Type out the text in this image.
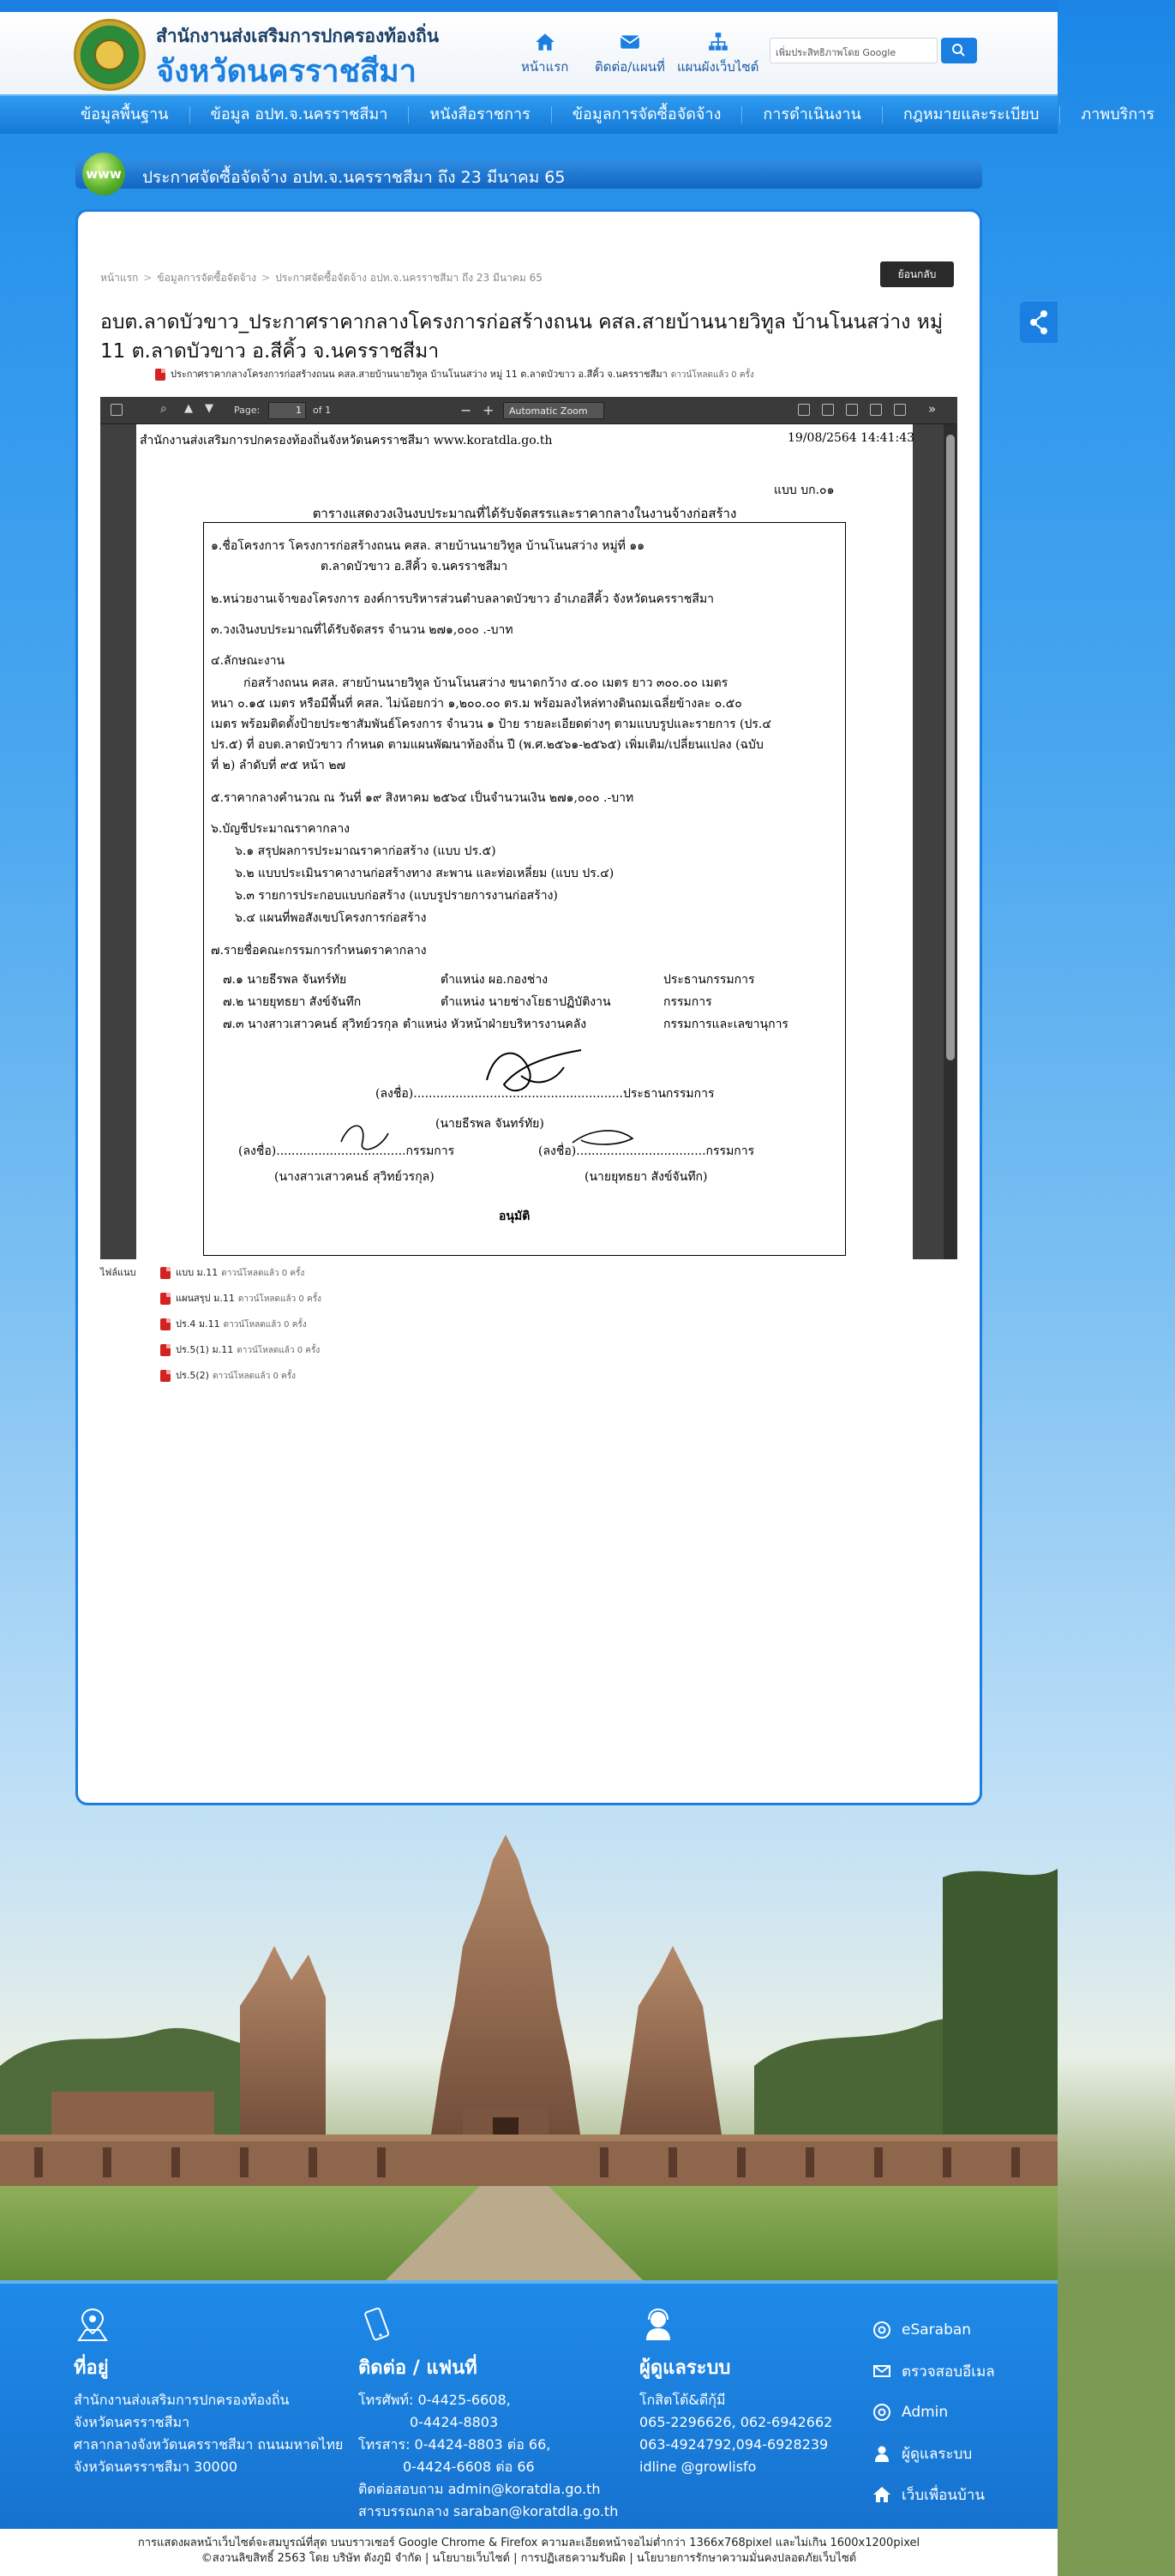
สำนักงานส่งเสริมการปกครองท้องถิ่น
จังหวัดนครราชสีมา	หน้าแรก ติดต่อ/แผนที่ แผนผังเว็บไซต์
เพิ่มประสิทธิภาพโดย Google
ข้อมูลพื้นฐาน	ข้อมูล อปท.จ.นครราชสีมา	หนังสือราชการ	ข้อมูลการจัดซื้อจัดจ้าง	การดำเนินงาน	กฎหมายและระเบียบ	ภาพบริการ
www ประกาศจัดซื้อจัดจ้าง อปท.จ.นครราชสีมา ถึง 23 มีนาคม 65
หน้าแรก > ข้อมูลการจัดซื้อจัดจ้าง > ประกาศจัดซื้อจัดจ้าง อปท.จ.นครราชสีมา ถึง 23 มีนาคม 65	ย้อนกลับ
อบต.ลาดบัวขาว_ประกาศราคากลางโครงการก่อสร้างถนน คสล.สายบ้านนายวิทูล บ้านโนนสว่าง หมู่ 11 ต.ลาดบัวขาว อ.สีคิ้ว จ.นครราชสีมา
ประกาศราคากลางโครงการก่อสร้างถนน คสล.สายบ้านนายวิทูล บ้านโนนสว่าง หมู่ 11 ต.ลาดบัวขาว อ.สีคิ้ว จ.นครราชสีมา ดาวน์โหลดแล้ว 0 ครั้ง
⌕ ▲ ▼ Page:	1	of 1	− +	Automatic Zoom	»
สำนักงานส่งเสริมการปกครองท้องถิ่นจังหวัดนครราชสีมา www.koratdla.go.th	19/08/2564 14:41:43
แบบ บก.๐๑
ตารางแสดงวงเงินงบประมาณที่ได้รับจัดสรรและราคากลางในงานจ้างก่อสร้าง
๑.ชื่อโครงการ โครงการก่อสร้างถนน คสล. สายบ้านนายวิทูล บ้านโนนสว่าง หมู่ที่ ๑๑
ต.ลาดบัวขาว อ.สีคิ้ว จ.นครราชสีมา
๒.หน่วยงานเจ้าของโครงการ องค์การบริหารส่วนตำบลลาดบัวขาว อำเภอสีคิ้ว จังหวัดนครราชสีมา
๓.วงเงินงบประมาณที่ได้รับจัดสรร จำนวน ๒๗๑,๐๐๐ .-บาท
๔.ลักษณะงาน
ก่อสร้างถนน คสล. สายบ้านนายวิทูล บ้านโนนสว่าง ขนาดกว้าง ๔.๐๐ เมตร ยาว ๓๐๐.๐๐ เมตร
หนา ๐.๑๕ เมตร หรือมีพื้นที่ คสล. ไม่น้อยกว่า ๑,๒๐๐.๐๐ ตร.ม พร้อมลงไหล่ทางดินถมเฉลี่ยข้างละ ๐.๕๐
เมตร พร้อมติดตั้งป้ายประชาสัมพันธ์โครงการ จำนวน ๑ ป้าย รายละเอียดต่างๆ ตามแบบรูปและรายการ (ปร.๔
ปร.๕) ที่ อบต.ลาดบัวขาว กำหนด ตามแผนพัฒนาท้องถิ่น ปี (พ.ศ.๒๕๖๑-๒๕๖๕) เพิ่มเติม/เปลี่ยนแปลง (ฉบับ
ที่ ๒) ลำดับที่ ๙๕ หน้า ๒๗
๕.ราคากลางคำนวณ ณ วันที่ ๑๙ สิงหาคม ๒๕๖๔ เป็นจำนวนเงิน ๒๗๑,๐๐๐ .-บาท
๖.บัญชีประมาณราคากลาง
๖.๑ สรุปผลการประมาณราคาก่อสร้าง (แบบ ปร.๕)
๖.๒ แบบประเมินราคางานก่อสร้างทาง สะพาน และท่อเหลี่ยม (แบบ ปร.๔)
๖.๓ รายการประกอบแบบก่อสร้าง (แบบรูปรายการงานก่อสร้าง)
๖.๔ แผนที่พอสังเขปโครงการก่อสร้าง
๗.รายชื่อคณะกรรมการกำหนดราคากลาง
๗.๑ นายธีรพล จันทร์ทัย	ตำแหน่ง ผอ.กองช่าง	ประธานกรรมการ
๗.๒ นายยุทธยา สังข์จันทึก	ตำแหน่ง นายช่างโยธาปฏิบัติงาน	กรรมการ
๗.๓ นางสาวเสาวคนธ์ สุวิทย์วรกุล ตำแหน่ง หัวหน้าฝ่ายบริหารงานคลัง	กรรมการและเลขานุการ
(ลงชื่อ).......................................................ประธานกรรมการ
(นายธีรพล จันทร์ทัย)
(ลงชื่อ)..................................กรรมการ	(ลงชื่อ)..................................กรรมการ
(นางสาวเสาวคนธ์ สุวิทย์วรกุล)	(นายยุทธยา สังข์จันทึก)
อนุมัติ
ไฟล์แนบ	แบบ ม.11 ดาวน์โหลดแล้ว 0 ครั้ง
แผนสรุป ม.11 ดาวน์โหลดแล้ว 0 ครั้ง
ปร.4 ม.11 ดาวน์โหลดแล้ว 0 ครั้ง
ปร.5(1) ม.11 ดาวน์โหลดแล้ว 0 ครั้ง
ปร.5(2) ดาวน์โหลดแล้ว 0 ครั้ง
ที่อยู่

สำนักงานส่งเสริมการปกครองท้องถิ่น

จังหวัดนครราชสีมา

ศาลากลางจังหวัดนครราชสีมา ถนนมหาดไทย

จังหวัดนครราชสีมา 30000

ติดต่อ / แฟนที่

โทรศัพท์: 0-4425-6608,

0-4424-8803

โทรสาร: 0-4424-8803 ต่อ 66,

0-4424-6608 ต่อ 66

ติดต่อสอบถาม admin@koratdla.go.th

สารบรรณกลาง saraban@koratdla.go.th

ผู้ดูแลระบบ

โกสิตโต้&ดีกุ้มี

065-2296626, 062-6942662

063-4924792,094-6928239

idline @growlisfo

eSaraban
ตรวจสอบอีเมล
Admin
ผู้ดูแลระบบ
เว็บเพื่อนบ้าน
การแสดงผลหน้าเว็บไซต์จะสมบูรณ์ที่สุด บนบราวเซอร์ Google Chrome & Firefox ความละเอียดหน้าจอไม่ต่ำกว่า 1366x768pixel และไม่เกิน 1600x1200pixel
©สงวนลิขสิทธิ์ 2563 โดย บริษัท ดังภูมิ จำกัด | นโยบายเว็บไซต์ | การปฏิเสธความรับผิด | นโยบายการรักษาความมั่นคงปลอดภัยเว็บไซต์
